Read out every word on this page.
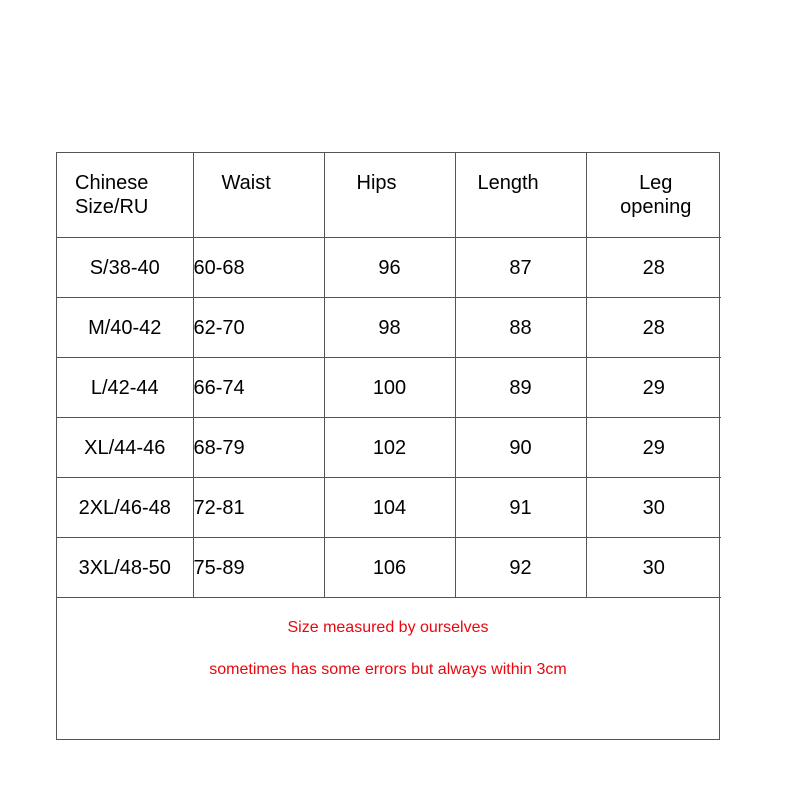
Chinese
Size/RU	Waist	Hips	Length	Leg
opening

S/38-40	60-68	96	87	28
M/40-42	62-70	98	88	28
L/42-44	66-74	100	89	29
XL/44-46	68-79	102	90	29
2XL/46-48	72-81	104	91	30
3XL/48-50	75-89	106	92	30
Size measured by ourselves
sometimes has some errors but always within 3cm
